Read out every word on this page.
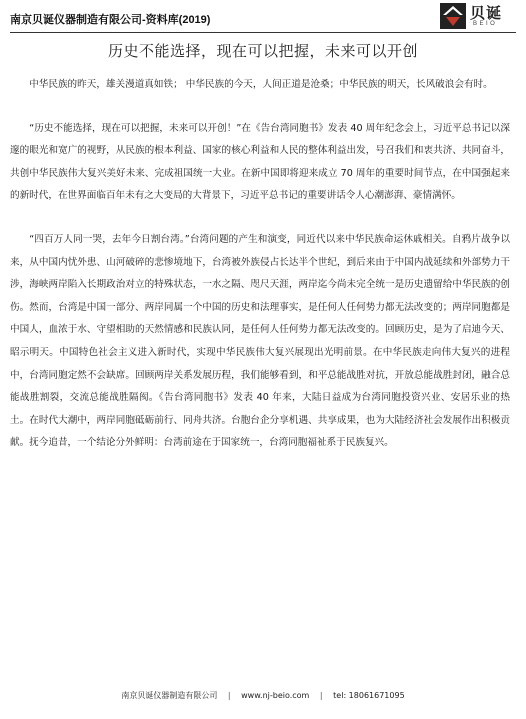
南京贝诞仪器制造有限公司-资料库(2019)	贝诞
BEIO
历史不能选择，现在可以把握，未来可以开创

中华民族的昨天，雄关漫道真如铁； 中华民族的今天，人间正道是沧桑；中华民族的明天，长风破浪会有时。

“历史不能选择，现在可以把握，未来可以开创！”在《告台湾同胞书》发表 40 周年纪念会上，习近平总书记以深邃的眼光和宽广的视野，从民族的根本利益、国家的核心利益和人民的整体利益出发，号召我们和衷共济、共同奋斗，共创中华民族伟大复兴美好未来、完成祖国统一大业。在新中国即将迎来成立 70 周年的重要时间节点，在中国强起来的新时代，在世界面临百年未有之大变局的大背景下，习近平总书记的重要讲话令人心潮澎湃、豪情满怀。

“四百万人同一哭，去年今日割台湾。”台湾问题的产生和演变，同近代以来中华民族命运休戚相关。自鸦片战争以来，从中国内忧外患、山河破碎的悲惨境地下，台湾被外族侵占长达半个世纪，到后来由于中国内战延续和外部势力干涉，海峡两岸陷入长期政治对立的特殊状态，一水之隔、咫尺天涯，两岸迄今尚未完全统一是历史遗留给中华民族的创伤。然而，台湾是中国一部分、两岸同属一个中国的历史和法理事实，是任何人任何势力都无法改变的；两岸同胞都是中国人，血浓于水、守望相助的天然情感和民族认同，是任何人任何势力都无法改变的。回顾历史，是为了启迪今天、昭示明天。中国特色社会主义进入新时代，实现中华民族伟大复兴展现出光明前景。在中华民族走向伟大复兴的进程中，台湾同胞定然不会缺席。回顾两岸关系发展历程，我们能够看到，和平总能战胜对抗，开放总能战胜封闭，融合总能战胜割裂，交流总能战胜隔阂。《告台湾同胞书》发表 40 年来，大陆日益成为台湾同胞投资兴业、安居乐业的热土。在时代大潮中，两岸同胞砥砺前行、同舟共济。台胞台企分享机遇、共享成果，也为大陆经济社会发展作出积极贡献。抚今追昔，一个结论分外鲜明：台湾前途在于国家统一，台湾同胞福祉系于民族复兴。

南京贝诞仪器制造有限公司 | www.nj-beio.com | tel: 18061671095
